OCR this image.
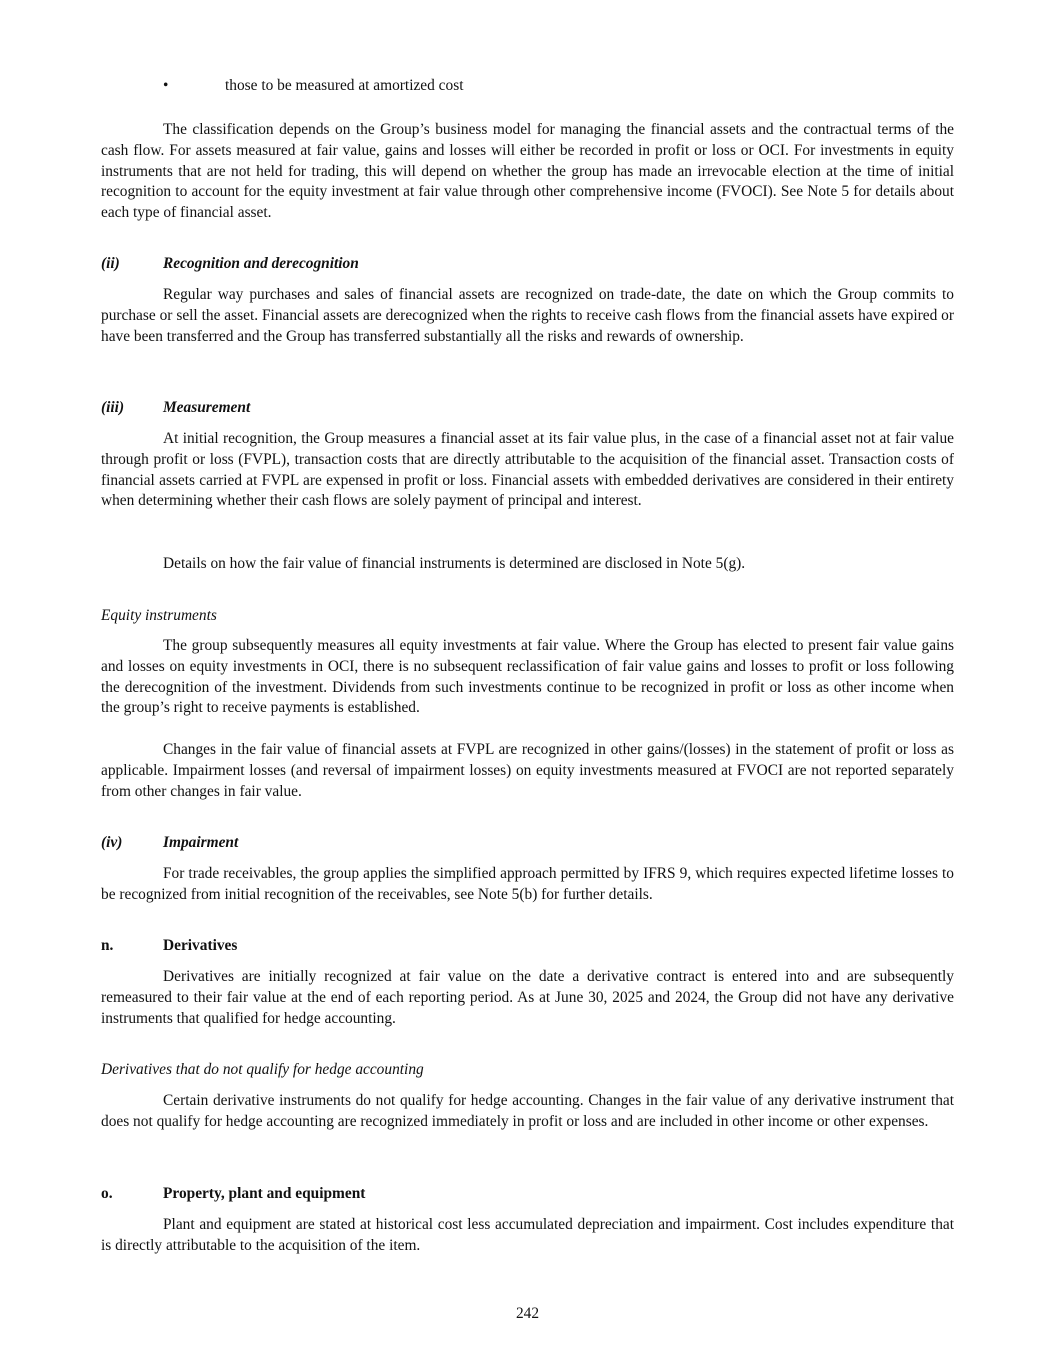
•	those to be measured at amortized cost

The classification depends on the Group’s business model for managing the financial assets and the contractual terms of the cash flow. For assets measured at fair value, gains and losses will either be recorded in profit or loss or OCI. For investments in equity instruments that are not held for trading, this will depend on whether the group has made an irrevocable election at the time of initial recognition to account for the equity investment at fair value through other comprehensive income (FVOCI). See Note 5 for details about each type of financial asset.

(ii)	Recognition and derecognition

Regular way purchases and sales of financial assets are recognized on trade-date, the date on which the Group commits to purchase or sell the asset. Financial assets are derecognized when the rights to receive cash flows from the financial assets have expired or have been transferred and the Group has transferred substantially all the risks and rewards of ownership.

(iii)	Measurement

At initial recognition, the Group measures a financial asset at its fair value plus, in the case of a financial asset not at fair value through profit or loss (FVPL), transaction costs that are directly attributable to the acquisition of the financial asset. Transaction costs of financial assets carried at FVPL are expensed in profit or loss. Financial assets with embedded derivatives are considered in their entirety when determining whether their cash flows are solely payment of principal and interest.

Details on how the fair value of financial instruments is determined are disclosed in Note 5(g).

Equity instruments

The group subsequently measures all equity investments at fair value. Where the Group has elected to present fair value gains and losses on equity investments in OCI, there is no subsequent reclassification of fair value gains and losses to profit or loss following the derecognition of the investment. Dividends from such investments continue to be recognized in profit or loss as other income when the group’s right to receive payments is established.

Changes in the fair value of financial assets at FVPL are recognized in other gains/(losses) in the statement of profit or loss as applicable. Impairment losses (and reversal of impairment losses) on equity investments measured at FVOCI are not reported separately from other changes in fair value.

(iv)	Impairment

For trade receivables, the group applies the simplified approach permitted by IFRS 9, which requires expected lifetime losses to be recognized from initial recognition of the receivables, see Note 5(b) for further details.

n.	Derivatives

Derivatives are initially recognized at fair value on the date a derivative contract is entered into and are subsequently remeasured to their fair value at the end of each reporting period. As at June 30, 2025 and 2024, the Group did not have any derivative instruments that qualified for hedge accounting.

Derivatives that do not qualify for hedge accounting

Certain derivative instruments do not qualify for hedge accounting. Changes in the fair value of any derivative instrument that does not qualify for hedge accounting are recognized immediately in profit or loss and are included in other income or other expenses.

o.	Property, plant and equipment

Plant and equipment are stated at historical cost less accumulated depreciation and impairment. Cost includes expenditure that is directly attributable to the acquisition of the item.

242
